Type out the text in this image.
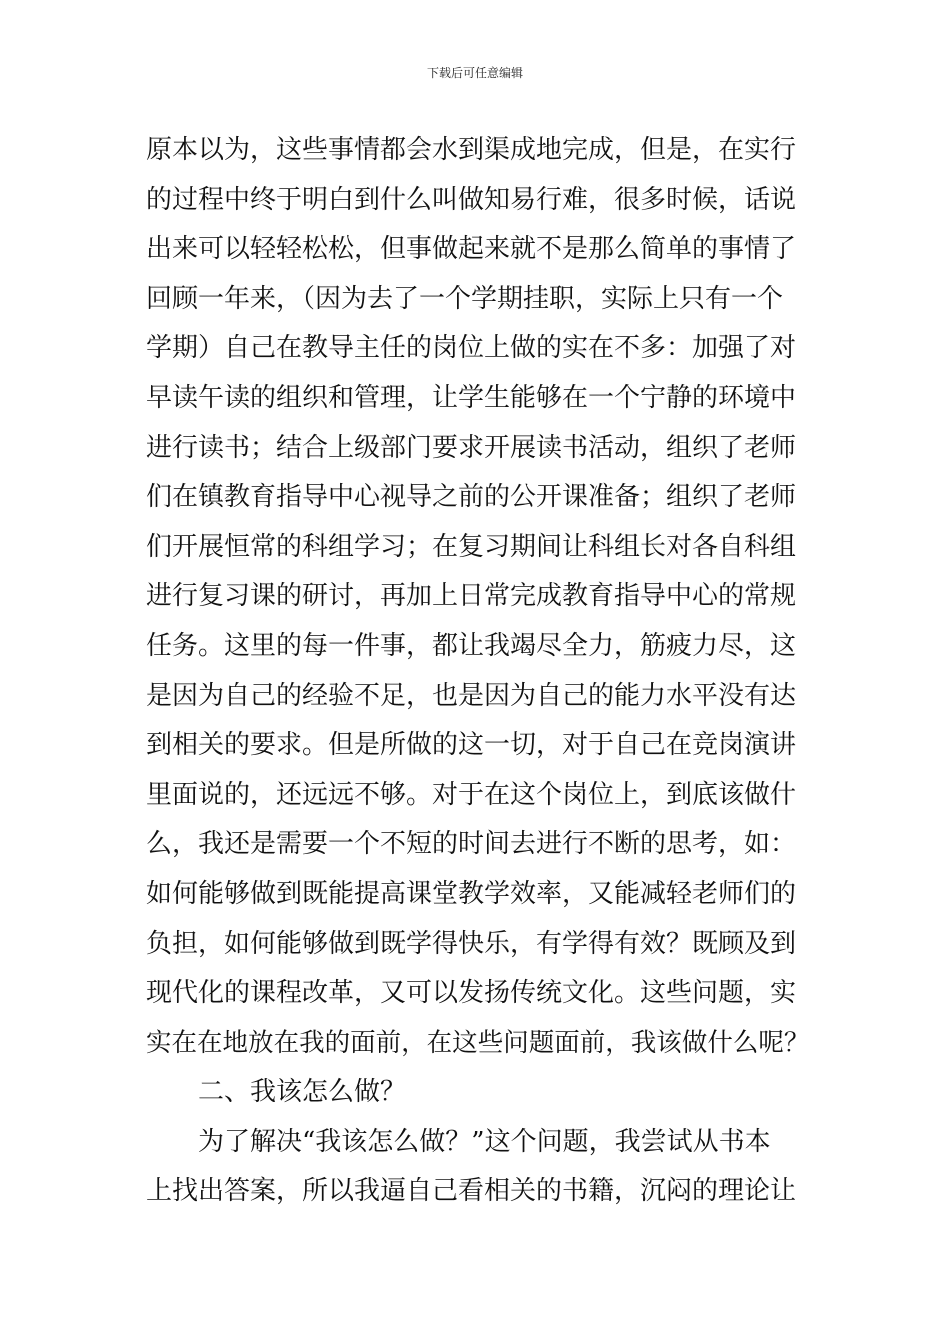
下载后可任意编辑
原本以为，这些事情都会水到渠成地完成，但是，在实行
的过程中终于明白到什么叫做知易行难，很多时候，话说
出来可以轻轻松松，但事做起来就不是那么简单的事情了
回顾一年来，（因为去了一个学期挂职，实际上只有一个
学期）自己在教导主任的岗位上做的实在不多：加强了对
早读午读的组织和管理，让学生能够在一个宁静的环境中
进行读书；结合上级部门要求开展读书活动，组织了老师
们在镇教育指导中心视导之前的公开课准备；组织了老师
们开展恒常的科组学习；在复习期间让科组长对各自科组
进行复习课的研讨，再加上日常完成教育指导中心的常规
任务。这里的每一件事，都让我竭尽全力，筋疲力尽，这
是因为自己的经验不足，也是因为自己的能力水平没有达
到相关的要求。但是所做的这一切，对于自己在竞岗演讲
里面说的，还远远不够。对于在这个岗位上，到底该做什
么，我还是需要一个不短的时间去进行不断的思考，如：
如何能够做到既能提高课堂教学效率，又能减轻老师们的
负担，如何能够做到既学得快乐，有学得有效？既顾及到
现代化的课程改革，又可以发扬传统文化。这些问题，实
实在在地放在我的面前，在这些问题面前，我该做什么呢？
二、我该怎么做？
为了解决“我该怎么做？”这个问题，我尝试从书本
上找出答案，所以我逼自己看相关的书籍，沉闷的理论让
